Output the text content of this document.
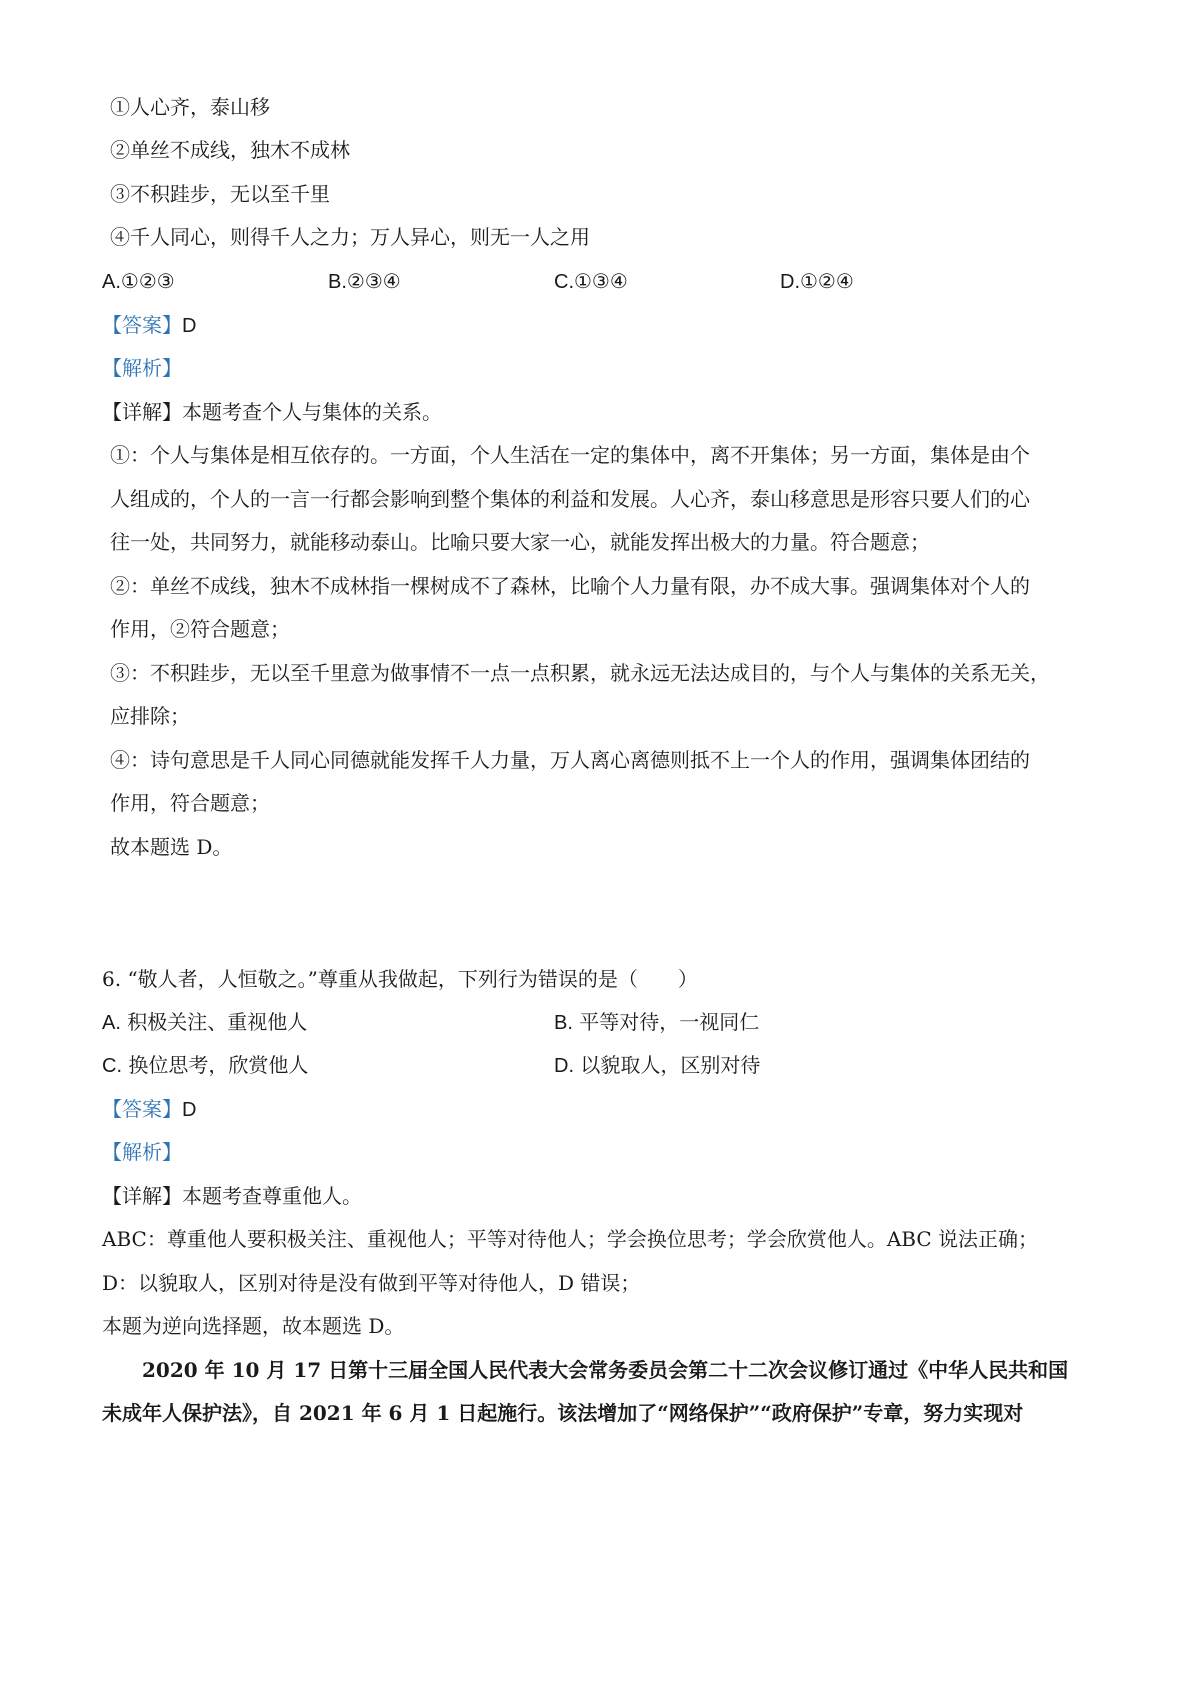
①人心齐，泰山移
②单丝不成线，独木不成林
③不积跬步，无以至千里
④千人同心，则得千人之力；万人异心，则无一人之用
A.①②③	B.②③④	C.①③④	D.①②④
【答案】D
【解析】
【详解】本题考查个人与集体的关系。
①：个人与集体是相互依存的。一方面，个人生活在一定的集体中，离不开集体；另一方面，集体是由个
人组成的，个人的一言一行都会影响到整个集体的利益和发展。人心齐，泰山移意思是形容只要人们的心
往一处，共同努力，就能移动泰山。比喻只要大家一心，就能发挥出极大的力量。符合题意；
②：单丝不成线，独木不成林指一棵树成不了森林，比喻个人力量有限，办不成大事。强调集体对个人的
作用，②符合题意；
③：不积跬步，无以至千里意为做事情不一点一点积累，就永远无法达成目的，与个人与集体的关系无关，
应排除；
④：诗句意思是千人同心同德就能发挥千人力量，万人离心离德则抵不上一个人的作用，强调集体团结的
作用，符合题意；
故本题选 D。
6. “敬人者，人恒敬之。”尊重从我做起，下列行为错误的是（　　）
A. 积极关注、重视他人	B. 平等对待，一视同仁
C. 换位思考，欣赏他人	D. 以貌取人，区别对待
【答案】D
【解析】
【详解】本题考查尊重他人。
ABC：尊重他人要积极关注、重视他人；平等对待他人；学会换位思考；学会欣赏他人。ABC 说法正确；
D：以貌取人，区别对待是没有做到平等对待他人，D 错误；
本题为逆向选择题，故本题选 D。
2020 年 10 月 17 日第十三届全国人民代表大会常务委员会第二十二次会议修订通过《中华人民共和国
未成年人保护法》，自 2021 年 6 月 1 日起施行。该法增加了“网络保护”“政府保护”专章，努力实现对
